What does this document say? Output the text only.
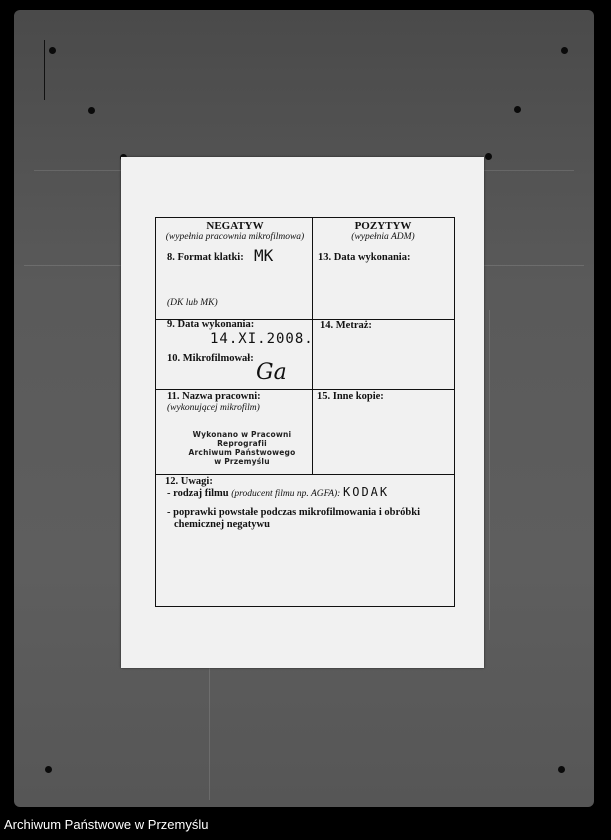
NEGATYW
(wypełnia pracownia mikrofilmowa)
POZYTYW
(wypełnia ADM)
8. Format klatki: MK
(DK lub MK)
13. Data wykonania:
9. Data wykonania:
14.XI.2008.
14. Metraż:
10. Mikrofilmował:
Ga
11. Nazwa pracowni:
(wykonującej mikrofilm)
Wykonano w Pracowni Reprografii
Archiwum Państwowego
w Przemyślu
15. Inne kopie:
12. Uwagi:
- rodzaj filmu (producent filmu np. AGFA): KODAK
- poprawki powstałe podczas mikrofilmowania i obróbki
chemicznej negatywu
Archiwum Państwowe w Przemyślu
